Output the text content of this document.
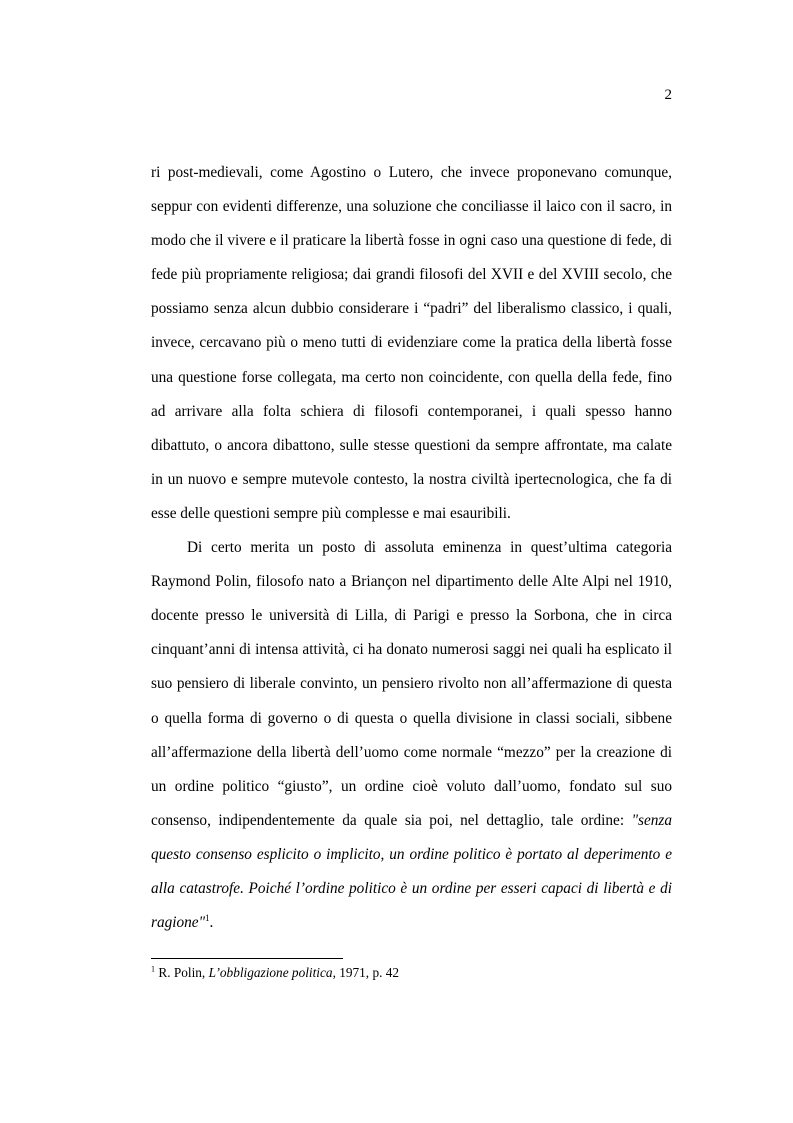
2

ri post-medievali, come Agostino o Lutero, che invece proponevano comunque, seppur con evidenti differenze, una soluzione che conciliasse il laico con il sacro, in modo che il vivere e il praticare la libertà fosse in ogni caso una questione di fede, di fede più propriamente religiosa; dai grandi filosofi del XVII e del XVIII secolo, che possiamo senza alcun dubbio considerare i “padri” del liberalismo classico, i quali, invece, cercavano più o meno tutti di evidenziare come la pratica della libertà fosse una questione forse collegata, ma certo non coincidente, con quella della fede, fino ad arrivare alla folta schiera di filosofi contemporanei, i quali spesso hanno dibattuto, o ancora dibattono, sulle stesse questioni da sempre affrontate, ma calate in un nuovo e sempre mutevole contesto, la nostra civiltà ipertecnologica, che fa di esse delle questioni sempre più complesse e mai esauribili.

Di certo merita un posto di assoluta eminenza in quest’ultima categoria Raymond Polin, filosofo nato a Briançon nel dipartimento delle Alte Alpi nel 1910, docente presso le università di Lilla, di Parigi e presso la Sorbona, che in circa cinquant’anni di intensa attività, ci ha donato numerosi saggi nei quali ha esplicato il suo pensiero di liberale convinto, un pensiero rivolto non all’affermazione di questa o quella forma di governo o di questa o quella divisione in classi sociali, sibbene all’affermazione della libertà dell’uomo come normale “mezzo” per la creazione di un ordine politico “giusto”, un ordine cioè voluto dall’uomo, fondato sul suo consenso, indipendentemente da quale sia poi, nel dettaglio, tale ordine: "senza questo consenso esplicito o implicito, un ordine politico è portato al deperimento e alla catastrofe. Poiché l’ordine politico è un ordine per esseri capaci di libertà e di ragione"$^1$.

$^1$ R. Polin, L’obbligazione politica, 1971, p. 42
